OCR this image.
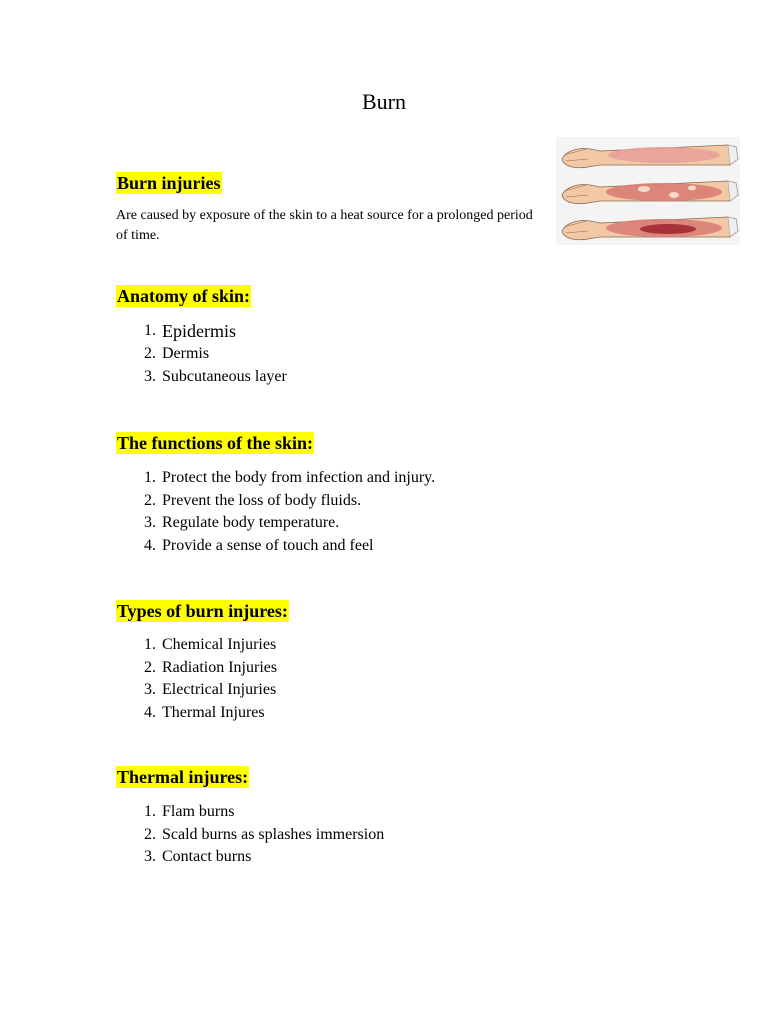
Burn
Burn injuries
Are caused by exposure of the skin to a heat source for a prolonged period of time.
Anatomy of skin:
1. Epidermis
2. Dermis
3. Subcutaneous layer
The functions of the skin:
1. Protect the body from infection and injury.
2. Prevent the loss of body fluids.
3. Regulate body temperature.
4. Provide a sense of touch and feel
Types of burn injures:
1. Chemical Injuries
2. Radiation Injuries
3. Electrical Injuries
4. Thermal Injures
Thermal injures:
1. Flam burns
2. Scald burns as splashes immersion
3. Contact burns
